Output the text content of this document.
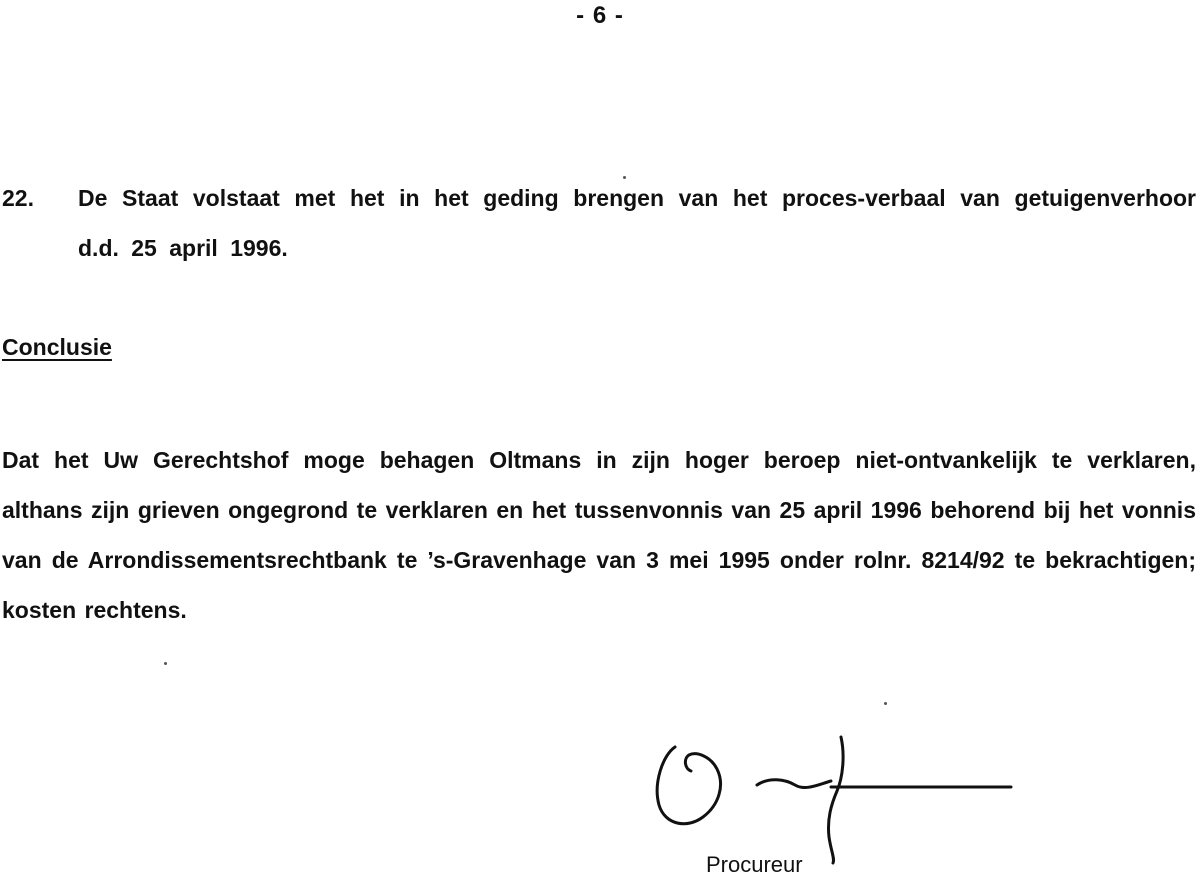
- 6 -
22. De Staat volstaat met het in het geding brengen van het proces-verbaal van getuigenverhoor d.d. 25 april 1996.
Conclusie
Dat het Uw Gerechtshof moge behagen Oltmans in zijn hoger beroep niet-ontvankelijk te verklaren, althans zijn grieven ongegrond te verklaren en het tussenvonnis van 25 april 1996 behorend bij het vonnis van de Arrondissementsrechtbank te ’s-Gravenhage van 3 mei 1995 onder rolnr. 8214/92 te bekrachtigen; kosten rechtens.
Procureur
